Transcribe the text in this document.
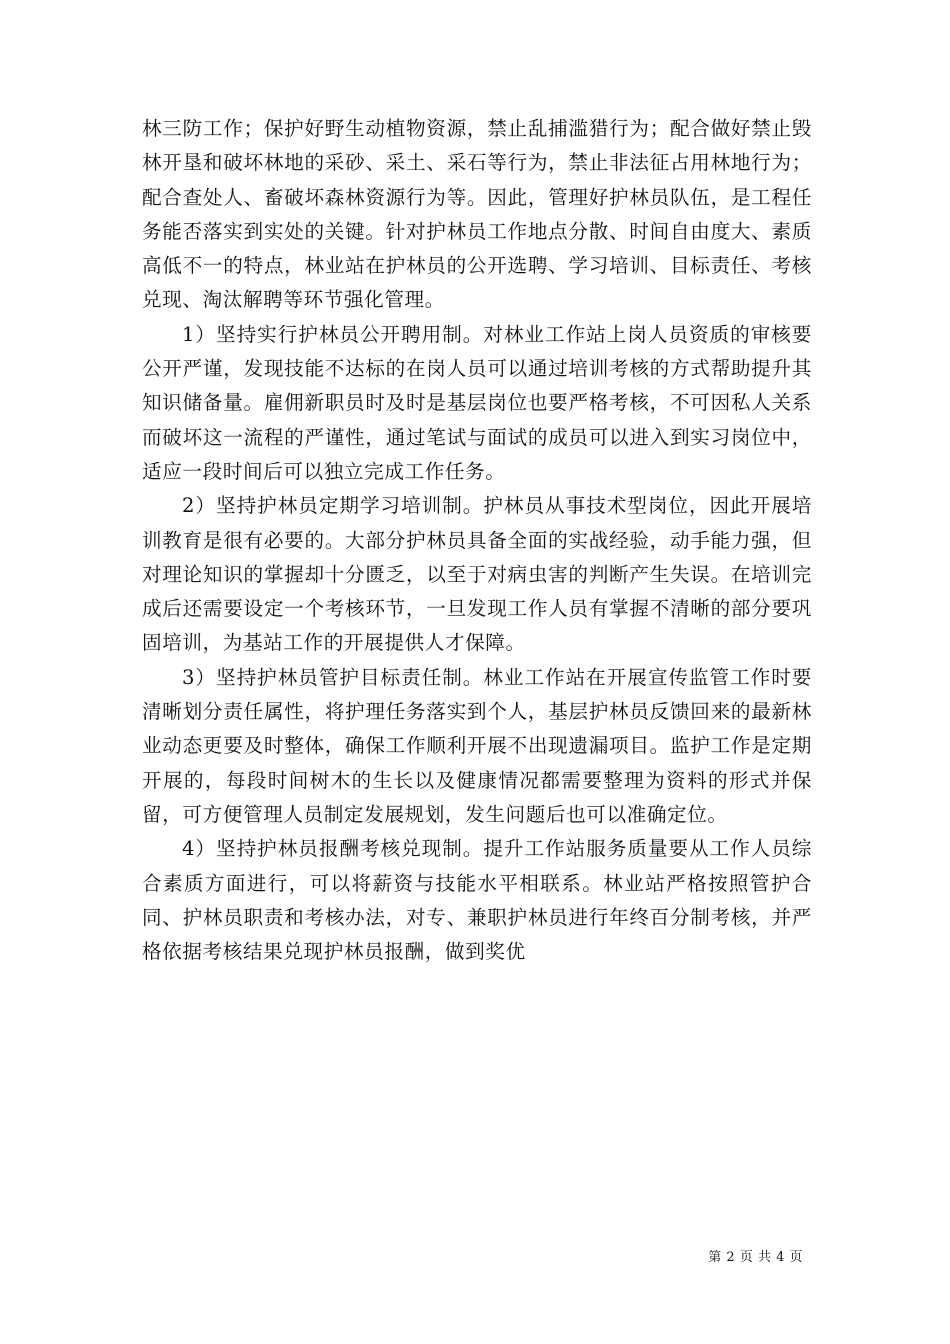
林三防工作；保护好野生动植物资源，禁止乱捕滥猎行为；配合做好禁止毁林开垦和破坏林地的采砂、采土、采石等行为，禁止非法征占用林地行为；配合查处人、畜破坏森林资源行为等。因此，管理好护林员队伍，是工程任务能否落实到实处的关键。针对护林员工作地点分散、时间自由度大、素质高低不一的特点，林业站在护林员的公开选聘、学习培训、目标责任、考核兑现、淘汰解聘等环节强化管理。

1）坚持实行护林员公开聘用制。对林业工作站上岗人员资质的审核要公开严谨，发现技能不达标的在岗人员可以通过培训考核的方式帮助提升其知识储备量。雇佣新职员时及时是基层岗位也要严格考核，不可因私人关系而破坏这一流程的严谨性，通过笔试与面试的成员可以进入到实习岗位中，适应一段时间后可以独立完成工作任务。

2）坚持护林员定期学习培训制。护林员从事技术型岗位，因此开展培训教育是很有必要的。大部分护林员具备全面的实战经验，动手能力强，但对理论知识的掌握却十分匮乏，以至于对病虫害的判断产生失误。在培训完成后还需要设定一个考核环节，一旦发现工作人员有掌握不清晰的部分要巩固培训，为基站工作的开展提供人才保障。

3）坚持护林员管护目标责任制。林业工作站在开展宣传监管工作时要清晰划分责任属性，将护理任务落实到个人，基层护林员反馈回来的最新林业动态更要及时整体，确保工作顺利开展不出现遗漏项目。监护工作是定期开展的，每段时间树木的生长以及健康情况都需要整理为资料的形式并保留，可方便管理人员制定发展规划，发生问题后也可以准确定位。

4）坚持护林员报酬考核兑现制。提升工作站服务质量要从工作人员综合素质方面进行，可以将薪资与技能水平相联系。林业站严格按照管护合同、护林员职责和考核办法，对专、兼职护林员进行年终百分制考核，并严格依据考核结果兑现护林员报酬，做到奖优

第 2 页 共 4 页
